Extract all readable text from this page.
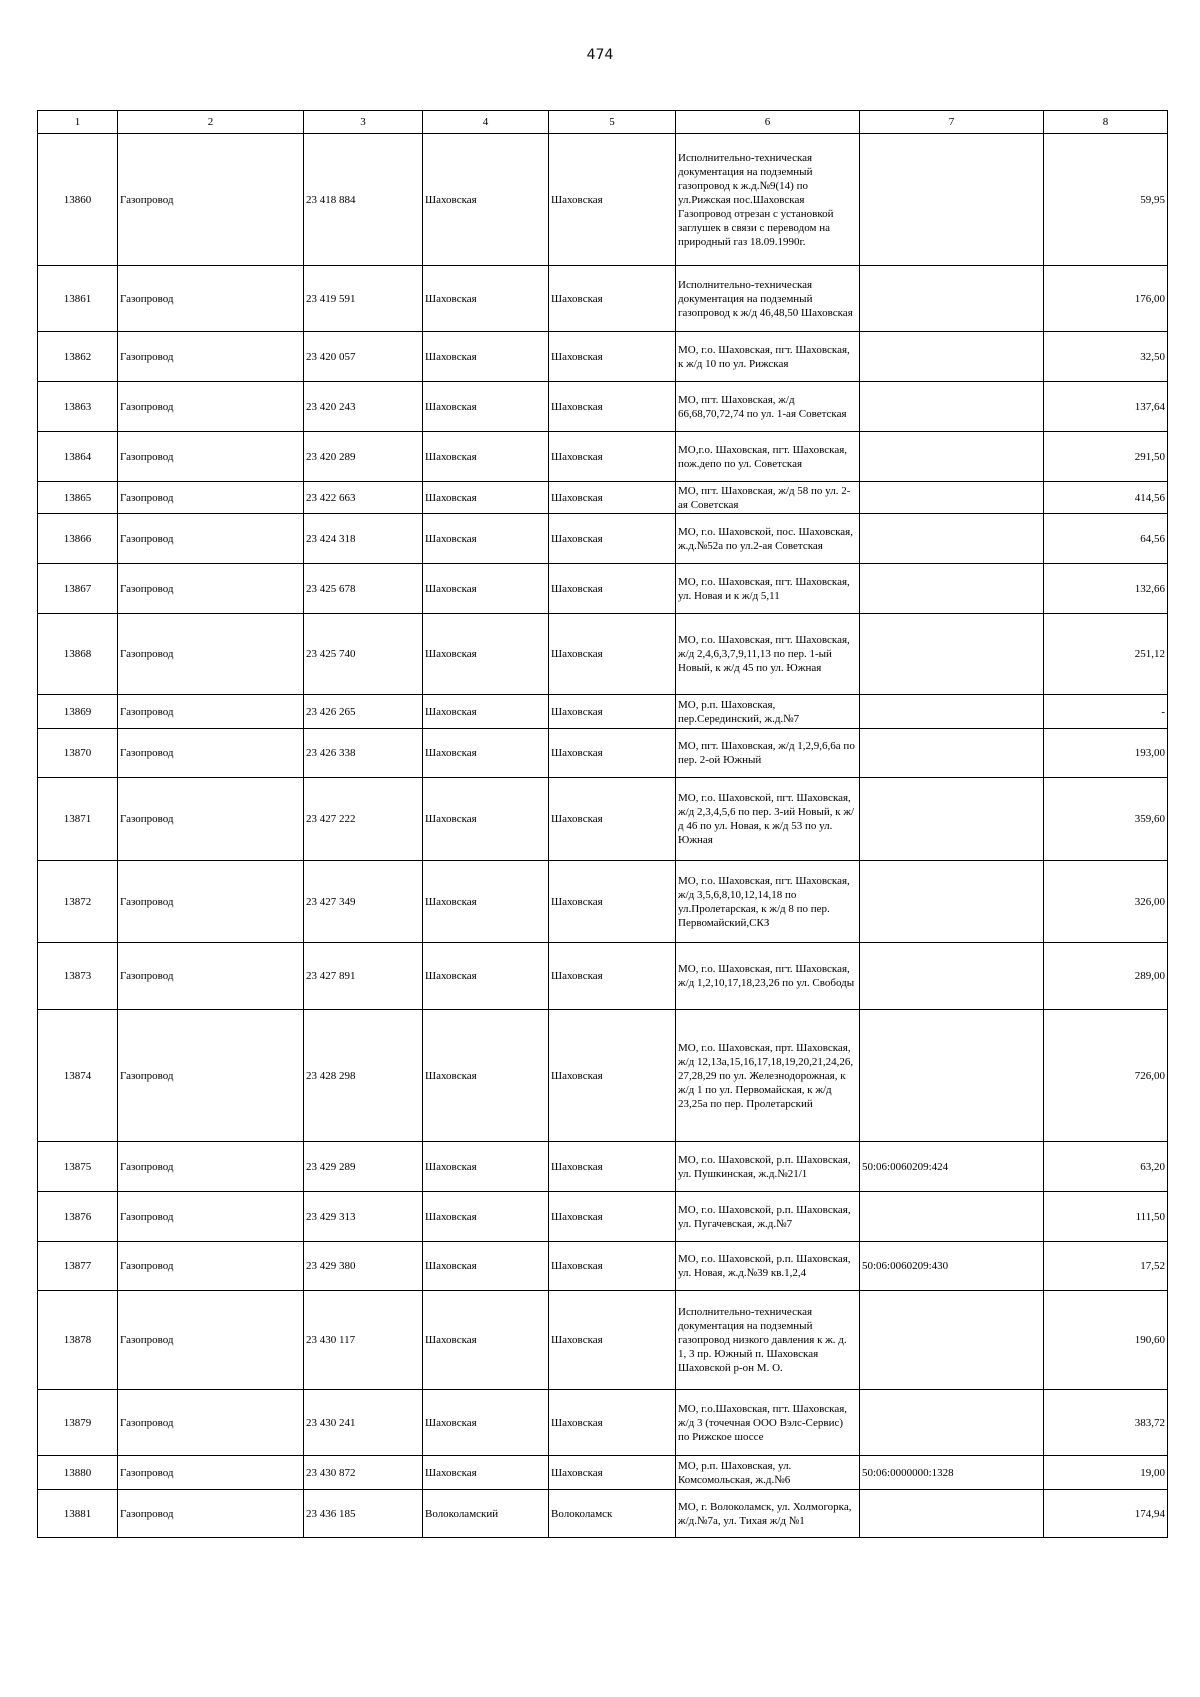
474
1	2	3	4	5	6	7	8
13860	Газопровод	23 418 884	Шаховская	Шаховская	Исполнительно-техническая документация на подземный газопровод к ж.д.№9(14) по ул.Рижская пос.Шаховская Газопровод отрезан с установкой заглушек в связи с переводом на природный газ 18.09.1990г.		59,95
13861	Газопровод	23 419 591	Шаховская	Шаховская	Исполнительно-техническая документация на подземный газопровод к ж/д 46,48,50 Шаховская		176,00
13862	Газопровод	23 420 057	Шаховская	Шаховская	МО, г.о. Шаховская, пгт. Шаховская, к ж/д 10 по ул. Рижская		32,50
13863	Газопровод	23 420 243	Шаховская	Шаховская	МО, пгт. Шаховская, ж/д 66,68,70,72,74 по ул. 1-ая Советская		137,64
13864	Газопровод	23 420 289	Шаховская	Шаховская	МО,г.о. Шаховская, пгт. Шаховская, пож.депо по ул. Советская		291,50
13865	Газопровод	23 422 663	Шаховская	Шаховская	МО, пгт. Шаховская, ж/д 58 по ул. 2-ая Советская		414,56
13866	Газопровод	23 424 318	Шаховская	Шаховская	МО, г.о. Шаховской, пос. Шаховская, ж.д.№52а по ул.2-ая Советская		64,56
13867	Газопровод	23 425 678	Шаховская	Шаховская	МО, г.о. Шаховская, пгт. Шаховская, ул. Новая и к ж/д 5,11		132,66
13868	Газопровод	23 425 740	Шаховская	Шаховская	МО, г.о. Шаховская, пгт. Шаховская, ж/д 2,4,6,3,7,9,11,13 по пер. 1-ый Новый, к ж/д 45 по ул. Южная		251,12
13869	Газопровод	23 426 265	Шаховская	Шаховская	МО, р.п. Шаховская, пер.Серединский, ж.д.№7		-
13870	Газопровод	23 426 338	Шаховская	Шаховская	МО, пгт. Шаховская, ж/д 1,2,9,6,6а по пер. 2-ой Южный		193,00
13871	Газопровод	23 427 222	Шаховская	Шаховская	МО, г.о. Шаховской, пгт. Шаховская, ж/д 2,3,4,5,6 по пер. 3-ий Новый, к ж/д 46 по ул. Новая, к ж/д 53 по ул. Южная		359,60
13872	Газопровод	23 427 349	Шаховская	Шаховская	МО, г.о. Шаховская, пгт. Шаховская, ж/д 3,5,6,8,10,12,14,18 по ул.Пролетарская, к ж/д 8 по пер. Первомайский,СКЗ		326,00
13873	Газопровод	23 427 891	Шаховская	Шаховская	МО, г.о. Шаховская, пгт. Шаховская, ж/д 1,2,10,17,18,23,26 по ул. Свободы		289,00
13874	Газопровод	23 428 298	Шаховская	Шаховская	МО, г.о. Шаховская, прт. Шаховская, ж/д 12,13а,15,16,17,18,19,20,21,24,26, 27,28,29 по ул. Железнодорожная, к ж/д 1 по ул. Первомайская, к ж/д 23,25а по пер. Пролетарский		726,00
13875	Газопровод	23 429 289	Шаховская	Шаховская	МО, г.о. Шаховской, р.п. Шаховская, ул. Пушкинская, ж.д.№21/1	50:06:0060209:424	63,20
13876	Газопровод	23 429 313	Шаховская	Шаховская	МО, г.о. Шаховской, р.п. Шаховская, ул. Пугачевская, ж.д.№7		111,50
13877	Газопровод	23 429 380	Шаховская	Шаховская	МО, г.о. Шаховской, р.п. Шаховская, ул. Новая, ж.д.№39 кв.1,2,4	50:06:0060209:430	17,52
13878	Газопровод	23 430 117	Шаховская	Шаховская	Исполнительно-техническая документация на подземный газопровод низкого давления к ж. д. 1, 3 пр. Южный п. Шаховская Шаховской р-он М. О.		190,60
13879	Газопровод	23 430 241	Шаховская	Шаховская	МО, г.о.Шаховская, пгт. Шаховская, ж/д 3 (точечная ООО Вэлс-Сервис) по Рижское шоссе		383,72
13880	Газопровод	23 430 872	Шаховская	Шаховская	МО, р.п. Шаховская, ул. Комсомольская, ж.д.№6	50:06:0000000:1328	19,00
13881	Газопровод	23 436 185	Волоколамский	Волоколамск	МО, г. Волоколамск, ул. Холмогорка, ж/д.№7а, ул. Тихая ж/д №1		174,94
